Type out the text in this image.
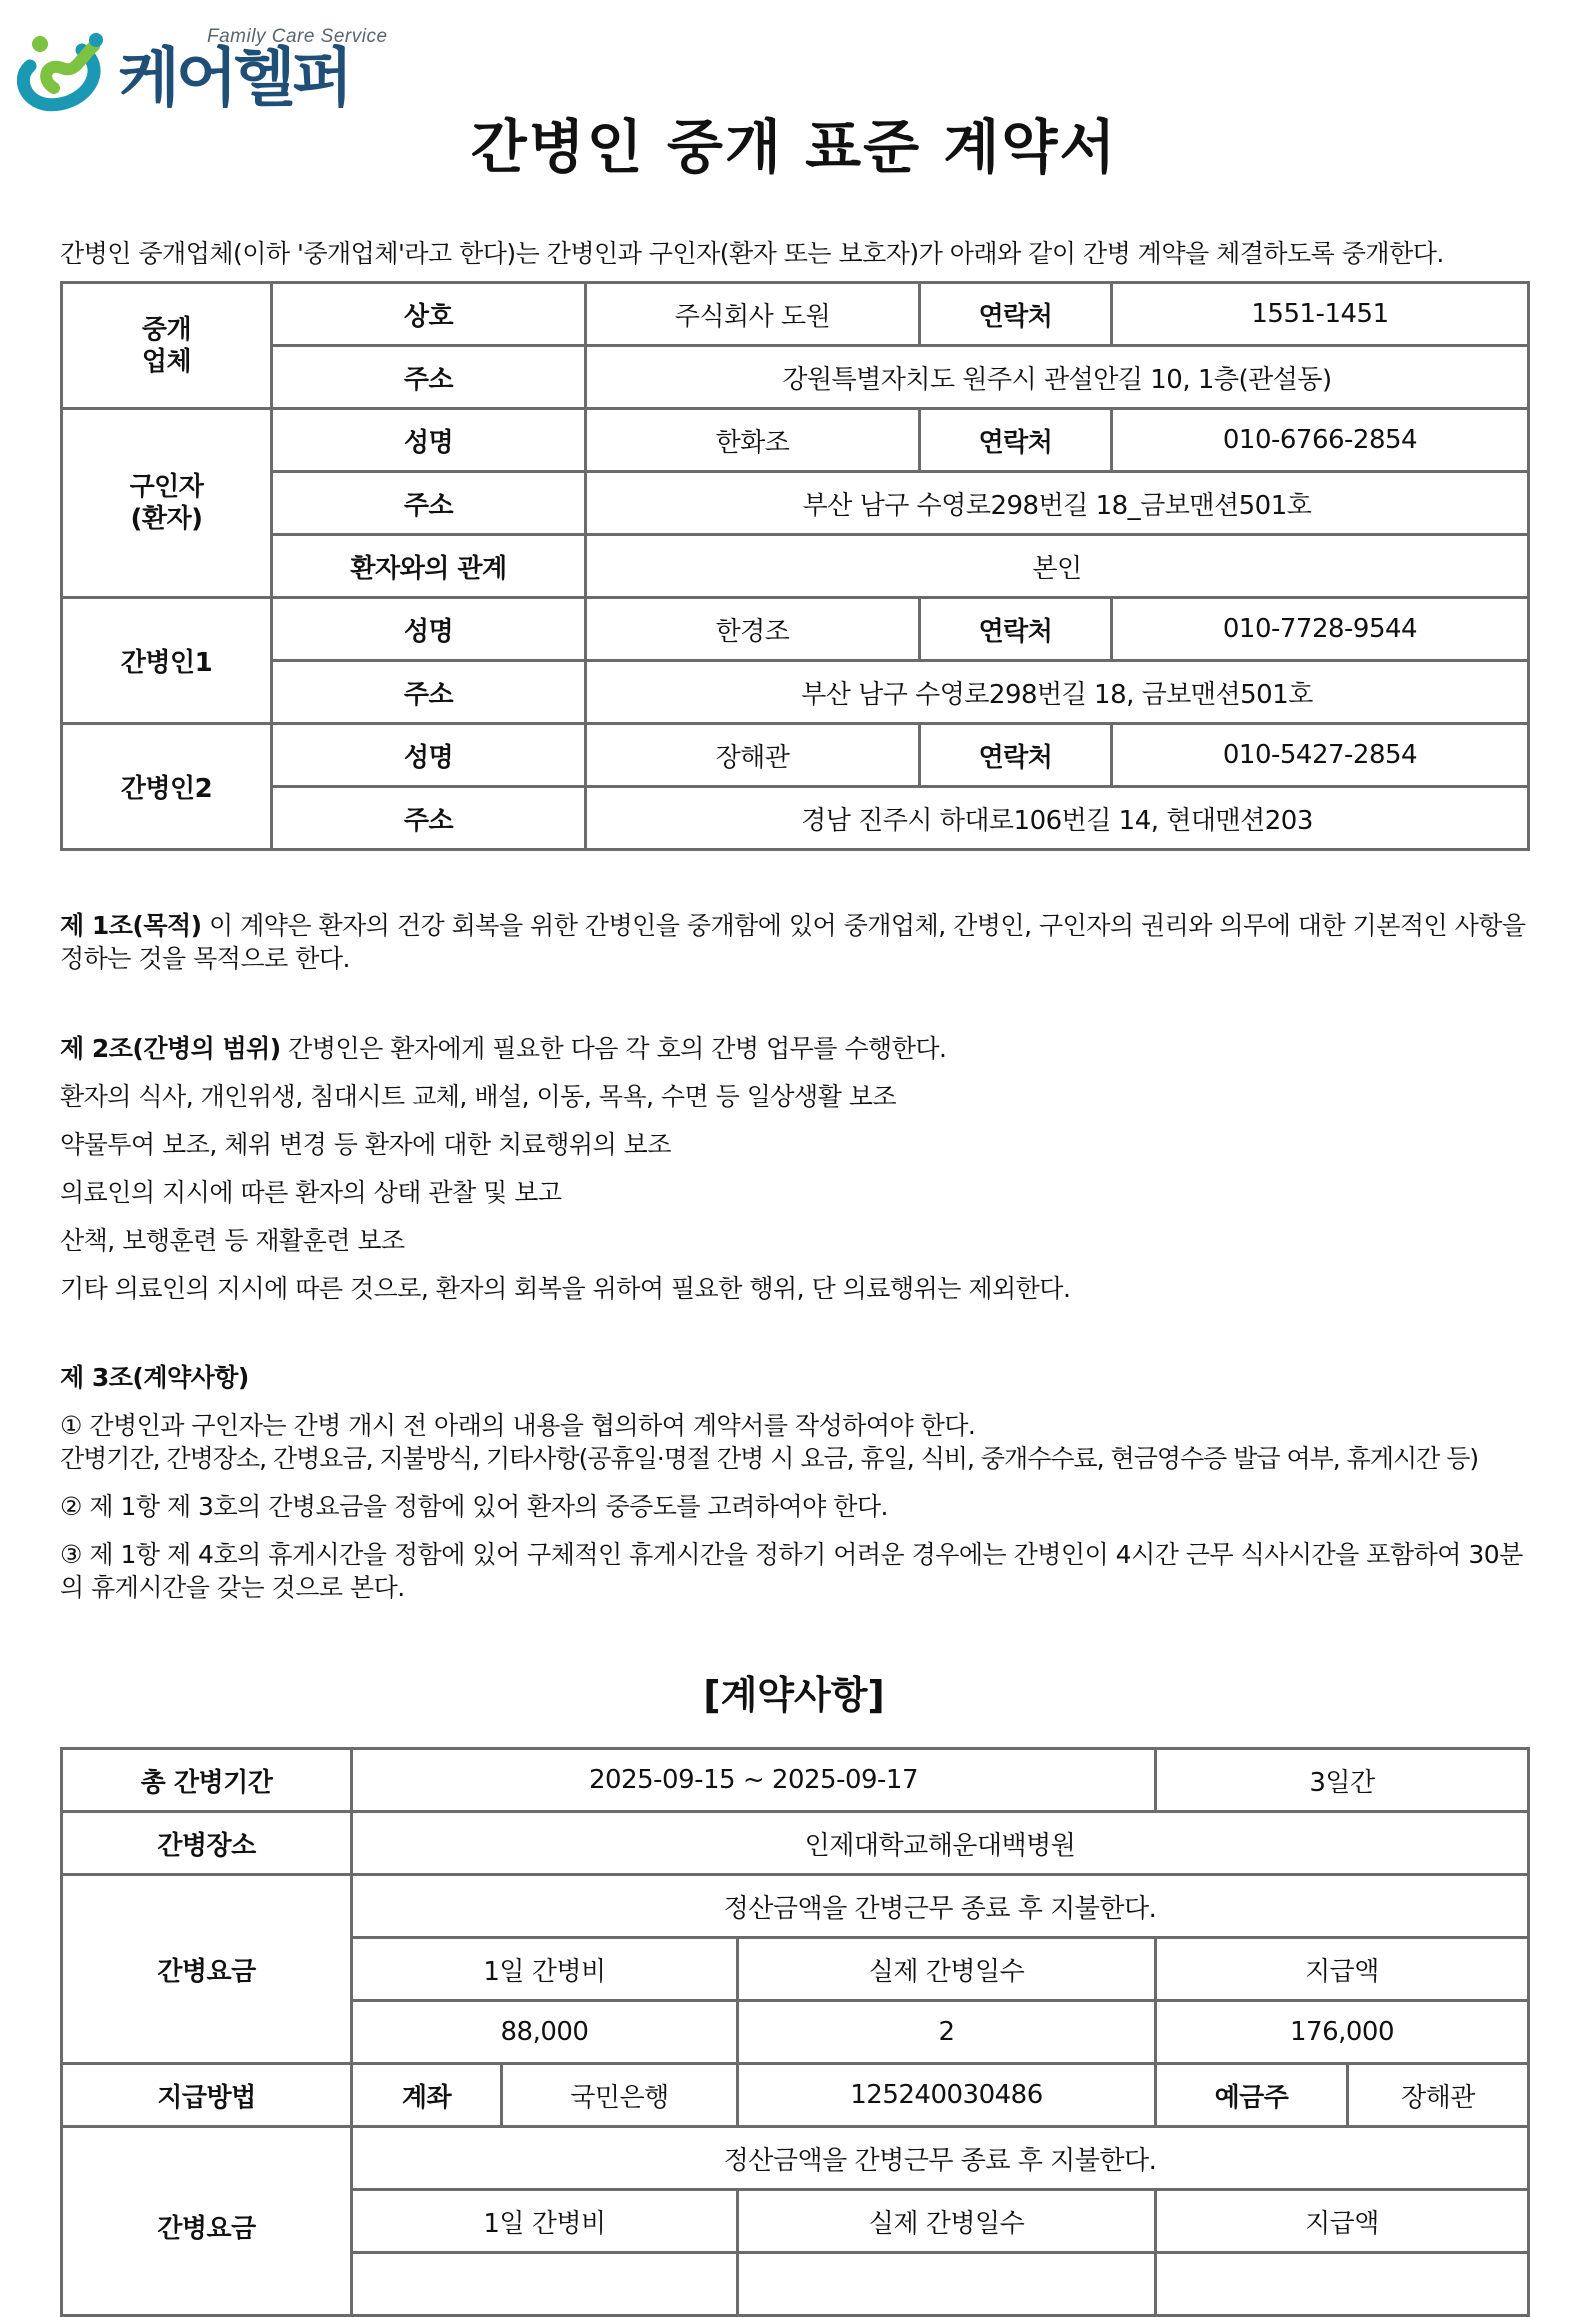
Family Care Service
케어헬퍼
간병인 중개 표준 계약서

간병인 중개업체(이하 '중개업체'라고 한다)는 간병인과 구인자(환자 또는 보호자)가 아래와 같이 간병 계약을 체결하도록 중개한다.

중개
업체	상호	주식회사 도원	연락처	1551-1451
	주소	강원특별자치도 원주시 관설안길 10, 1층(관설동)		
구인자
(환자)	성명	한화조	연락처	010-6766-2854
	주소	부산 남구 수영로298번길 18_금보맨션501호		
	환자와의 관계	본인		
간병인1	성명	한경조	연락처	010-7728-9544
	주소	부산 남구 수영로298번길 18, 금보맨션501호		
간병인2	성명	장해관	연락처	010-5427-2854
	주소	경남 진주시 하대로106번길 14, 현대맨션203		

제 1조(목적) 이 계약은 환자의 건강 회복을 위한 간병인을 중개함에 있어 중개업체, 간병인, 구인자의 권리와 의무에 대한 기본적인 사항을 정하는 것을 목적으로 한다.

제 2조(간병의 범위) 간병인은 환자에게 필요한 다음 각 호의 간병 업무를 수행한다.

환자의 식사, 개인위생, 침대시트 교체, 배설, 이동, 목욕, 수면 등 일상생활 보조

약물투여 보조, 체위 변경 등 환자에 대한 치료행위의 보조

의료인의 지시에 따른 환자의 상태 관찰 및 보고

산책, 보행훈련 등 재활훈련 보조

기타 의료인의 지시에 따른 것으로, 환자의 회복을 위하여 필요한 행위, 단 의료행위는 제외한다.

제 3조(계약사항)

① 간병인과 구인자는 간병 개시 전 아래의 내용을 협의하여 계약서를 작성하여야 한다.

간병기간, 간병장소, 간병요금, 지불방식, 기타사항(공휴일·명절 간병 시 요금, 휴일, 식비, 중개수수료, 현금영수증 발급 여부, 휴게시간 등)

② 제 1항 제 3호의 간병요금을 정함에 있어 환자의 중증도를 고려하여야 한다.

③ 제 1항 제 4호의 휴게시간을 정함에 있어 구체적인 휴게시간을 정하기 어려운 경우에는 간병인이 4시간 근무 식사시간을 포함하여 30분의 휴게시간을 갖는 것으로 본다.

[계약사항]
총 간병기간	2025-09-15 ~ 2025-09-17			3일간	
간병장소	인제대학교해운대백병원				
간병요금	정산금액을 간병근무 종료 후 지불한다.				
	1일 간병비		실제 간병일수	지급액	
	88,000		2	176,000	
지급방법	계좌	국민은행	125240030486	예금주	장해관
간병요금	정산금액을 간병근무 종료 후 지불한다.				
	1일 간병비		실제 간병일수	지급액	
